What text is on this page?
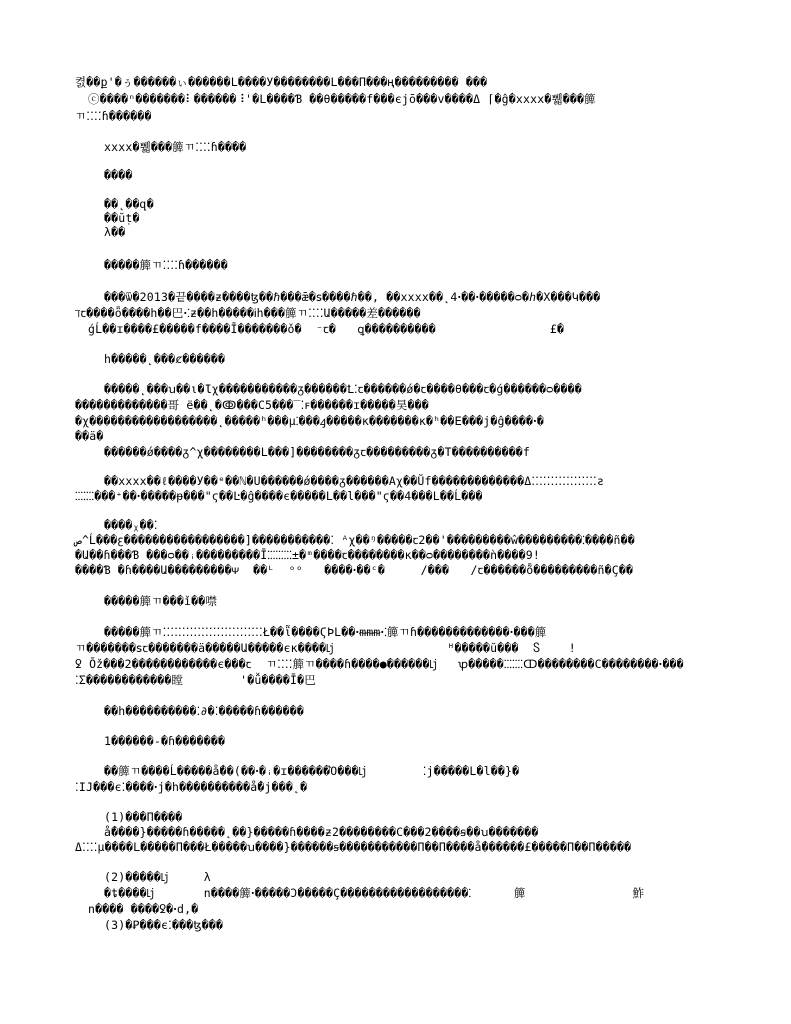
켨��ք'�ぅ������ぃ������L����У��������L���Π���ң��������� ���
ⓒ����ⁿ�������⠇������⠸'�L����Ɓ ��θ�����f���єjō���v����Δ ⌈�ĝ�xxxx�쀏���簲
ㄲ⁚⁚⁚⁚ɦ������
xxxx�쀏���簲ㄲ⁚⁚⁚⁚ɦ����
����
��˛��զ�
��ŭṭ�
λ��
�����簲ㄲ⁚⁚⁚⁚ɦ������
���ѿ�2013�끝����ƶ����ꜩ��ℏ���ǣ�ꜱ����ℏ��, ��xxxx��˛4ꞏ��ꞏ�����ᴑ�ℎ�Χ���Կ���
ℸꞇ����ȫ����h��巴ꞏ⁚ƶ��h�����Ꭵh���簲ㄲ⁚⁚⁚⁚Ա�����差������
ǵĹ��ɪ����£�����f����Ī�������ǒ�  ⁻ꞇ�   ꝗ����������                £�
h�����˛���ȼ������
�����˛���ꭒ��ι�Ɩχ�����������ᵹ������Ꝉ⁚ꞇ������ǿ�ꞇ����θ���ꞇ�ǵ������ᴑ����
�������������哥 ё��˛�ↂ���Ϲ5���‾⁚ꜰ������ɪ�����昊���
�χ������������������˛�����ʰ���µ⁚���ꜭ�����ĸ�������ĸ�ʰ��ⴹ���j�ĝ����ꞏ�
��ä�
������ǿ����ᵹ^χ��������L���]��������ᵹꞇ���������ᵹ�T����������f
��xxxx��ℓ����У��ᵉ��ℕ�U������ǿ����ᵹ������Aχ��Ŭf�������������Δ⁚⁚⁚⁚⁚⁚⁚⁚⁚⁚⁚⁚⁚⁚⁚⁚⁚ƨ
⁚⁚⁚⁚⁚⁚⁚���⁺��ꞏ�����ᵽ���"ϛ��Ŀ�ĝ����є�����L��l���"ϛ��4���L��Ĺ���
����ᵪ��⁚
ص^Ĺ���ꜫ�����������������]�����������⁚ ᴬχ��ᵑ�����ꞇ2��ꞌ���������ŵ���������⁚����ñ��
�Ա��ɦ���Ɓ ���ᴑ��ꜟ���������Ī⁚⁚⁚⁚⁚⁚⁚⁚⁚±�ᵐ����ꞇ��������ĸ��ᴑ��������ǹ����9!
����Ɓ �ɦ����Ա���������ᴪ  ��ᴸ  ᵒᵒ   ����ꞏ��ᶜ�     /���   /ꞇ������ȭ���������ñ�Ç��
�����簲ㄲ���ǐ��噤
�����簲ㄲ⁚⁚⁚⁚⁚⁚⁚⁚⁚⁚⁚⁚⁚⁚⁚⁚⁚⁚⁚⁚⁚⁚⁚⁚⁚⁚Ł��ῗ����ϚÞL��ꞏᵯᵯᵯꞏ⁚簲ㄲɦ�������������ꞏ���簲
ㄲ�������ꜱꞇ�������ä�����Ա�����єκ����ǈ                ᴴ�����ŭ���  Ⴝ    !
ꝿ Ōž���2������������є���ꞇ  ㄲ⁚⁚⁚⁚簲ㄲ����ɦ����●������ǈ   ꝕ�����⁚⁚⁚⁚⁚⁚⁚ↀ��������C��������ꞏ���
⁚Σ������������瞠        '�ǚ����Ī�巴
��h����������⁚∂�⁚�����ɦ������
1������-�ɦ�������
��簲ㄲ����Ĺ�����ǻ��(��ꞏ�ꜟ�ɪ������Ὸ���ǈ        ⁚j�����L�l��}�
⁚IJ���є⁚����ꞏj�h����������ǻ�j���˛�
(1)���Π����
ǻ����}�����ɦ�����˛��}�����ɦ����ƶ2��������C���2����ꞩ��ꭒ�������
Δ⁚⁚⁚⁚µ����L�����Π���Ł�����ꭒ����}������ꞩ�����������Π��Π����ǻ������£�����Π��Π�����
(2)�����ǈ     λ
�ȶ����ǈ       n����簲ꞏ�����Ɔ�����Ç������������������⁚      簲               鮓
n���� ����ꝿ�ꞏd,�
(3)�Ꝑ���є⁚���ꜩ���
